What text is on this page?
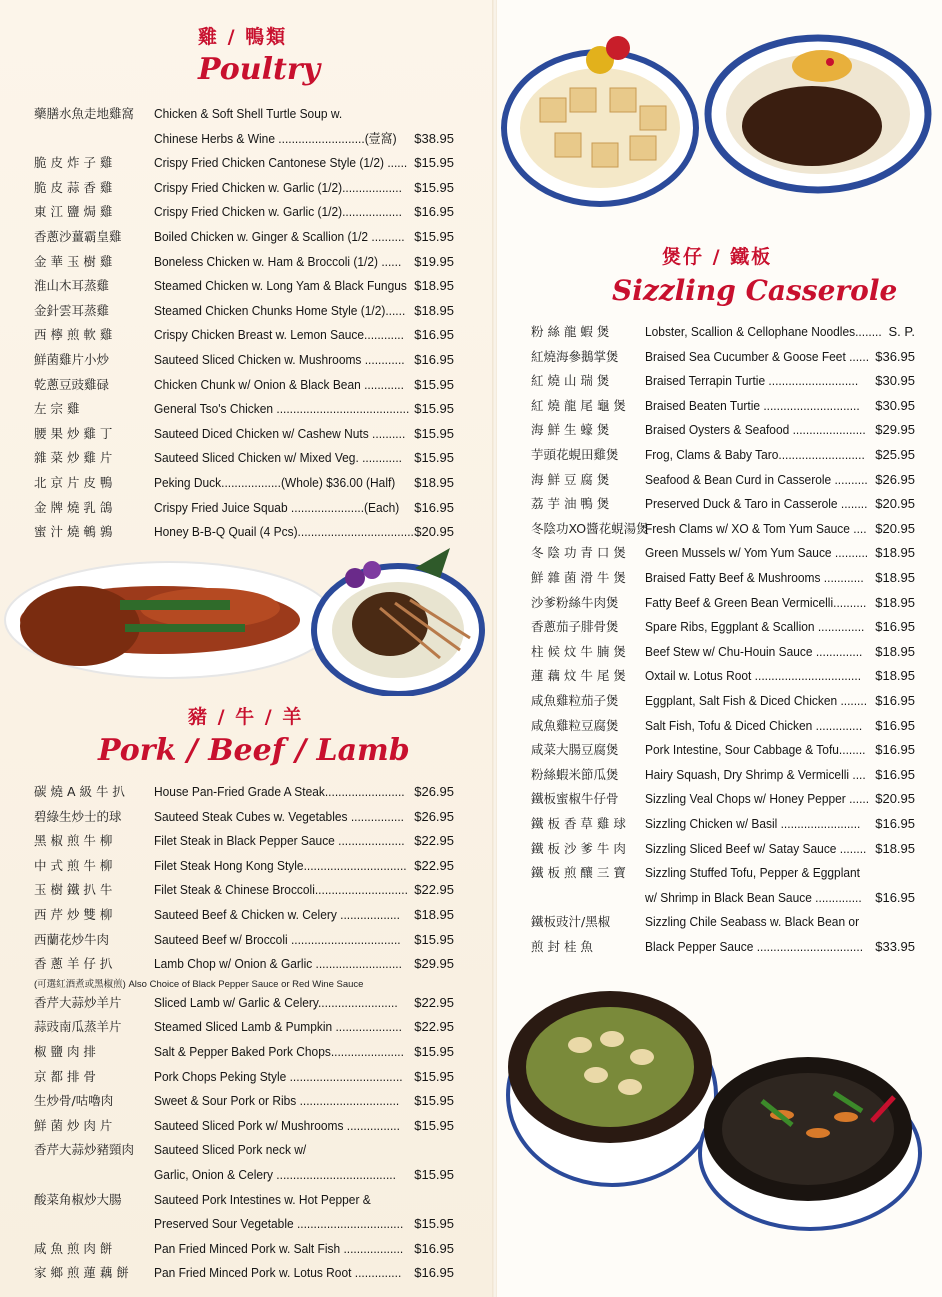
雞 / 鴨類
Poultry
藥膳水魚走地雞窩 Chicken & Soft Shell Turtle Soup w.
Chinese Herbs & Wine ..........................(壹窩) $38.95
脆 皮 炸 子 雞	Crispy Fried Chicken Cantonese Style (1/2) ...... $15.95
脆 皮 蒜 香 雞	Crispy Fried Chicken w. Garlic (1/2).................. $15.95
東 江 鹽 焗 雞	Crispy Fried Chicken w. Garlic (1/2).................. $16.95
香蔥沙薑霸皇雞 Boiled Chicken w. Ginger & Scallion (1/2 .......... $15.95
金 華 玉 樹 雞	Boneless Chicken w. Ham & Broccoli (1/2) ...... $19.95
淮山木耳蒸雞	Steamed Chicken w. Long Yam & Black Fungus $18.95
金針雲耳蒸雞	Steamed Chicken Chunks Home Style (1/2)...... $18.95
西 檸 煎 軟 雞	Crispy Chicken Breast w. Lemon Sauce............ $16.95
鮮菌雞片小炒	Sauteed Sliced Chicken w. Mushrooms ............ $16.95
乾蔥豆豉雞碌	Chicken Chunk w/ Onion & Black Bean ............ $15.95
左 宗 雞	General Tso's Chicken ........................................ $15.95
腰 果 炒 雞 丁	Sauteed Diced Chicken w/ Cashew Nuts .......... $15.95
雜 菜 炒 雞 片	Sauteed Sliced Chicken w/ Mixed Veg. ............ $15.95
北 京 片 皮 鴨	Peking Duck..................(Whole) $36.00 (Half) $18.95
金 牌 燒 乳 鴿	Crispy Fried Juice Squab ......................(Each) $16.95
蜜 汁 燒 鵪 鶉	Honey B-B-Q Quail (4 Pcs)................................... $20.95
豬 / 牛 / 羊
Pork / Beef / Lamb
碳 燒 A 級 牛 扒 House Pan-Fried Grade A Steak........................ $26.95
碧綠生炒士的球 Sauteed Steak Cubes w. Vegetables ................ $26.95
黑 椒 煎 牛 柳	Filet Steak in Black Pepper Sauce .................... $22.95
中 式 煎 牛 柳	Filet Steak Hong Kong Style............................... $22.95
玉 樹 鐵 扒 牛	Filet Steak & Chinese Broccoli............................ $22.95
西 芹 炒 雙 柳	Sauteed Beef & Chicken w. Celery .................. $18.95
西蘭花炒牛肉	Sauteed Beef w/ Broccoli ................................. $15.95
香 蔥 羊 仔 扒	Lamb Chop w/ Onion & Garlic .......................... $29.95
(可選紅酒煮或黑椒煎) Also Choice of Black Pepper Sauce or Red Wine Sauce
香芹大蒜炒羊片 Sliced Lamb w/ Garlic & Celery........................ $22.95
蒜豉南瓜蒸羊片 Steamed Sliced Lamb & Pumpkin .................... $22.95
椒 鹽 肉 排	Salt & Pepper Baked Pork Chops...................... $15.95
京 都 排 骨	Pork Chops Peking Style .................................. $15.95
生炒骨/咕嚕肉	Sweet & Sour Pork or Ribs .............................. $15.95
鮮 菌 炒 肉 片	Sauteed Sliced Pork w/ Mushrooms ................ $15.95
香芹大蒜炒豬頸肉 Sauteed Sliced Pork neck w/
Garlic, Onion & Celery .................................... $15.95
酸菜角椒炒大腸 Sauteed Pork Intestines w. Hot Pepper &
Preserved Sour Vegetable ................................ $15.95
咸 魚 煎 肉 餅	Pan Fried Minced Pork w. Salt Fish .................. $16.95
家 鄉 煎 蓮 藕 餅 Pan Fried Minced Pork w. Lotus Root .............. $16.95
煲仔 / 鐵板
Sizzling Casserole
粉 絲 龍 蝦 煲	Lobster, Scallion & Cellophane Noodles........ S. P.
紅燒海參鵝掌煲 Braised Sea Cucumber & Goose Feet ...... $36.95
紅 燒 山 瑞 煲	Braised Terrapin Turtie ........................... $30.95
紅 燒 龍 尾 龜 煲 Braised Beaten Turtie ............................. $30.95
海 鮮 生 蠔 煲	Braised Oysters & Seafood ...................... $29.95
芋頭花蜆田雞煲 Frog, Clams & Baby Taro.......................... $25.95
海 鮮 豆 腐 煲	Seafood & Bean Curd in Casserole .......... $26.95
荔 芋 油 鴨 煲	Preserved Duck & Taro in Casserole ........ $20.95
冬陰功XO醬花蜆湯煲
Fresh Clams w/ XO & Tom Yum Sauce .... $20.95
冬 陰 功 青 口 煲 Green Mussels w/ Yom Yum Sauce .......... $18.95
鮮 雜 菌 滑 牛 煲 Braised Fatty Beef & Mushrooms ............ $18.95
沙爹粉絲牛肉煲 Fatty Beef & Green Bean Vermicelli.......... $18.95
香蔥茄子腓骨煲 Spare Ribs, Eggplant & Scallion .............. $16.95
柱 候 炆 牛 腩 煲 Beef Stew w/ Chu-Houin Sauce .............. $18.95
蓮 藕 炆 牛 尾 煲 Oxtail w. Lotus Root ................................ $18.95
咸魚雞粒茄子煲 Eggplant, Salt Fish & Diced Chicken ........ $16.95
咸魚雞粒豆腐煲 Salt Fish, Tofu & Diced Chicken .............. $16.95
咸菜大腸豆腐煲 Pork Intestine, Sour Cabbage & Tofu........ $16.95
粉絲蝦米節瓜煲 Hairy Squash, Dry Shrimp & Vermicelli .... $16.95
鐵板蜜椒牛仔骨 Sizzling Veal Chops w/ Honey Pepper ...... $20.95
鐵 板 香 草 雞 球 Sizzling Chicken w/ Basil ........................ $16.95
鐵 板 沙 爹 牛 肉 Sizzling Sliced Beef w/ Satay Sauce ........ $18.95
鐵 板 煎 釀 三 寶 Sizzling Stuffed Tofu, Pepper & Eggplant
w/ Shrimp in Black Bean Sauce .............. $16.95
鐵板豉汁/黑椒
煎 封 桂 魚
Sizzling Chile Seabass w. Black Bean or
Black Pepper Sauce ................................ $33.95
